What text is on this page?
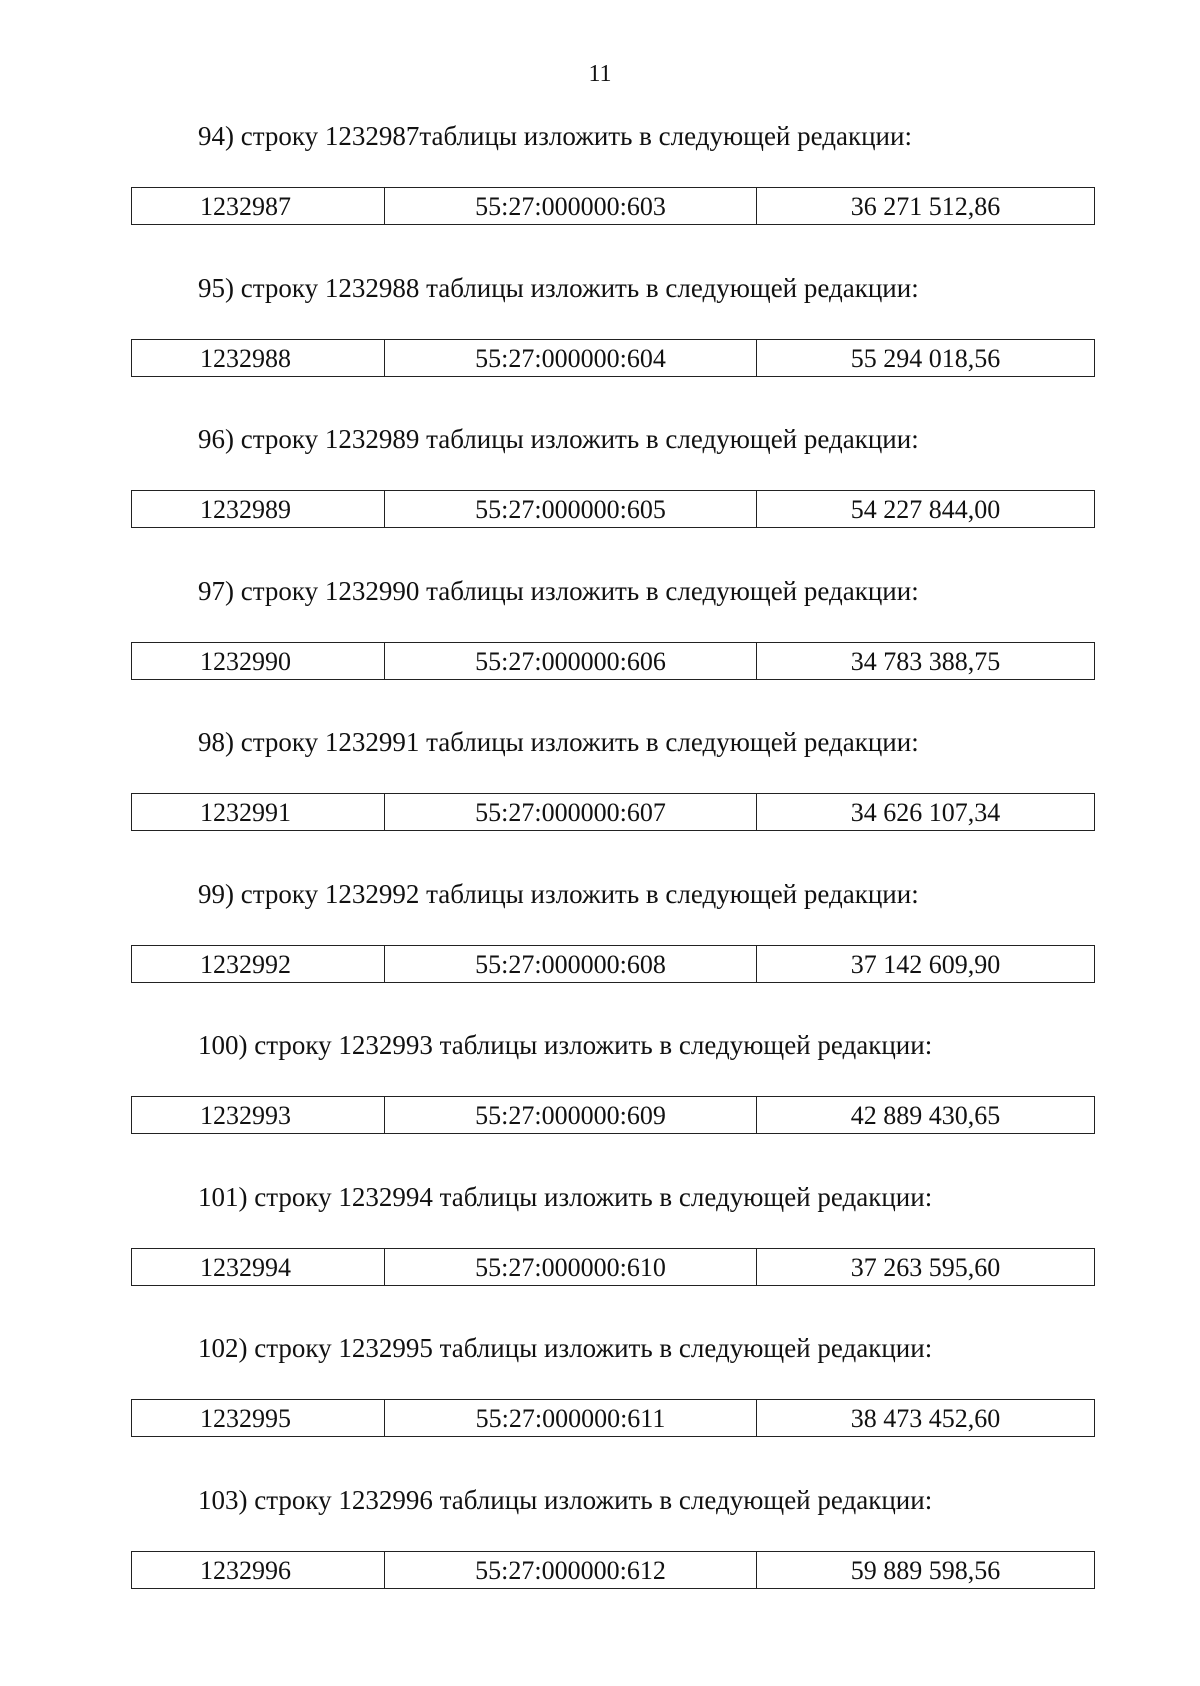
11
94) строку 1232987таблицы изложить в следующей редакции:
1232987	55:27:000000:603	36 271 512,86
95) строку 1232988 таблицы изложить в следующей редакции:
1232988	55:27:000000:604	55 294 018,56
96) строку 1232989 таблицы изложить в следующей редакции:
1232989	55:27:000000:605	54 227 844,00
97) строку 1232990 таблицы изложить в следующей редакции:
1232990	55:27:000000:606	34 783 388,75
98) строку 1232991 таблицы изложить в следующей редакции:
1232991	55:27:000000:607	34 626 107,34
99) строку 1232992 таблицы изложить в следующей редакции:
1232992	55:27:000000:608	37 142 609,90
100) строку 1232993 таблицы изложить в следующей редакции:
1232993	55:27:000000:609	42 889 430,65
101) строку 1232994 таблицы изложить в следующей редакции:
1232994	55:27:000000:610	37 263 595,60
102) строку 1232995 таблицы изложить в следующей редакции:
1232995	55:27:000000:611	38 473 452,60
103) строку 1232996 таблицы изложить в следующей редакции:
1232996	55:27:000000:612	59 889 598,56
